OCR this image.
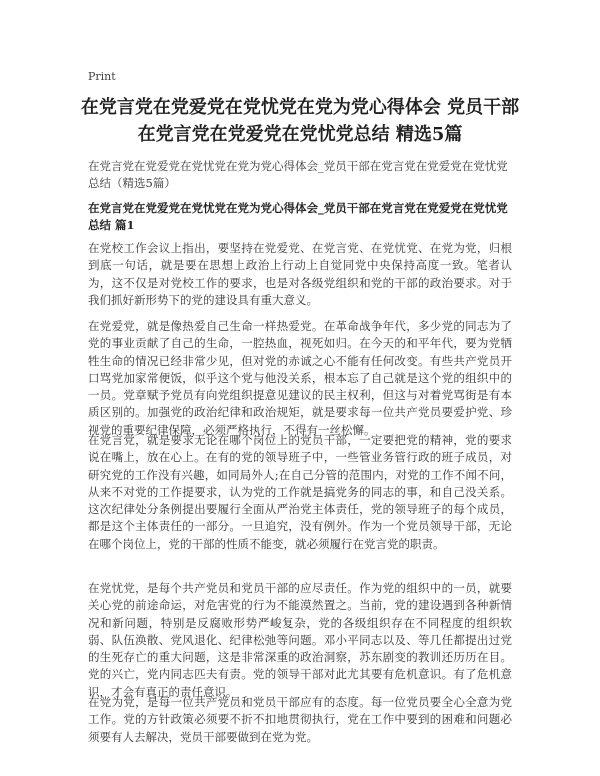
Print
在党言党在党爱党在党忧党在党为党心得体会 党员干部在党言党在党爱党在党忧党总结 精选5篇

在党言党在党爱党在党忧党在党为党心得体会_党员干部在党言党在党爱党在党忧党总结（精选5篇）

在党言党在党爱党在党忧党在党为党心得体会_党员干部在党言党在党爱党在党忧党总结 篇1

在党校工作会议上指出，要坚持在党爱党、在党言党、在党忧党、在党为党，归根到底一句话，就是要在思想上政治上行动上自觉同党中央保持高度一致。笔者认为，这不仅是对党校工作的要求，也是对各级党组织和党的干部的政治要求。对于我们抓好新形势下的党的建设具有重大意义。

在党爱党，就是像热爱自己生命一样热爱党。在革命战争年代，多少党的同志为了党的事业贡献了自己的生命，一腔热血，视死如归。在今天的和平年代，要为党牺牲生命的情况已经非常少见，但对党的赤诚之心不能有任何改变。有些共产党员开口骂党加家常便饭，似乎这个党与他没关系，根本忘了自己就是这个党的组织中的一员。党章赋予党员有向党组织提意见建议的民主权利，但这与对着党骂街是有本质区别的。加强党的政治纪律和政治规矩，就是要求每一位共产党员要爱护党、珍视党的重要纪律保障，必须严格执行，不得有一丝松懈。

在党言党，就是要求无论在哪个岗位上的党员干部，一定要把党的精神，党的要求说在嘴上，放在心上。在有的党的领导班子中，一些管业务管行政的班子成员，对研究党的工作没有兴趣，如同局外人;在自己分管的范围内，对党的工作不闻不问，从来不对党的工作提要求，认为党的工作就是搞党务的同志的事，和自己没关系。这次纪律处分条例提出要履行全面从严治党主体责任，党的领导班子的每个成员，都是这个主体责任的一部分。一旦追究，没有例外。作为一个党员领导干部，无论在哪个岗位上，党的干部的性质不能变，就必须履行在党言党的职责。

在党忧党，是每个共产党员和党员干部的应尽责任。作为党的组织中的一员，就要关心党的前途命运，对危害党的行为不能漠然置之。当前，党的建设遇到各种新情况和新问题，特别是反腐败形势严峻复杂，党的各级组织存在不同程度的组织软弱、队伍涣散、党风退化、纪律松弛等问题。邓小平同志以及、等几任都提出过党的生死存亡的重大问题，这是非常深重的政治洞察，苏东剧变的教训还历历在目。党的兴亡，党内同志匹夫有责。党的领导干部对此尤其要有危机意识。有了危机意识，才会有真正的责任意识。

在党为党，是每一位共产党员和党员干部应有的态度。每一位党员要全心全意为党工作。党的方针政策必须要不折不扣地贯彻执行，党在工作中要到的困难和问题必须要有人去解决，党员干部要做到在党为党。
